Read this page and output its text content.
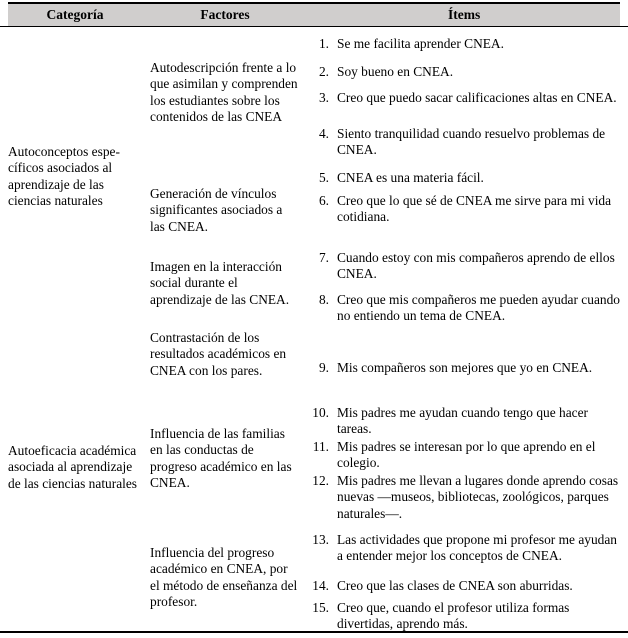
Categoría	Factores	Ítems
Autoconceptos espe-cíficos asociados al aprendizaje de las ciencias naturales
Autoeficacia académica asociada al aprendizaje de las ciencias naturales
Autodescripción frente a lo que asimilan y comprenden los estudiantes sobre los contenidos de las CNEA
Generación de vínculos significantes asociados a las CNEA.
Imagen en la interacción social durante el aprendizaje de las CNEA.
Contrastación de los resultados académicos en CNEA con los pares.
Influencia de las familias en las conductas de progreso académico en las CNEA.
Influencia del progreso académico en CNEA, por el método de enseñanza del profesor.
1. Se me facilita aprender CNEA.
2. Soy bueno en CNEA.
3. Creo que puedo sacar calificaciones altas en CNEA.
4. Siento tranquilidad cuando resuelvo problemas de CNEA.
5. CNEA es una materia fácil.
6. Creo que lo que sé de CNEA me sirve para mi vida cotidiana.
7. Cuando estoy con mis compañeros aprendo de ellos CNEA.
8. Creo que mis compañeros me pueden ayudar cuando no entiendo un tema de CNEA.
9. Mis compañeros son mejores que yo en CNEA.
10. Mis padres me ayudan cuando tengo que hacer tareas.
11. Mis padres se interesan por lo que aprendo en el colegio.
12. Mis padres me llevan a lugares donde aprendo cosas nuevas —museos, bibliotecas, zoológicos, parques naturales—.
13. Las actividades que propone mi profesor me ayudan a entender mejor los conceptos de CNEA.
14. Creo que las clases de CNEA son aburridas.
15. Creo que, cuando el profesor utiliza formas divertidas, aprendo más.
